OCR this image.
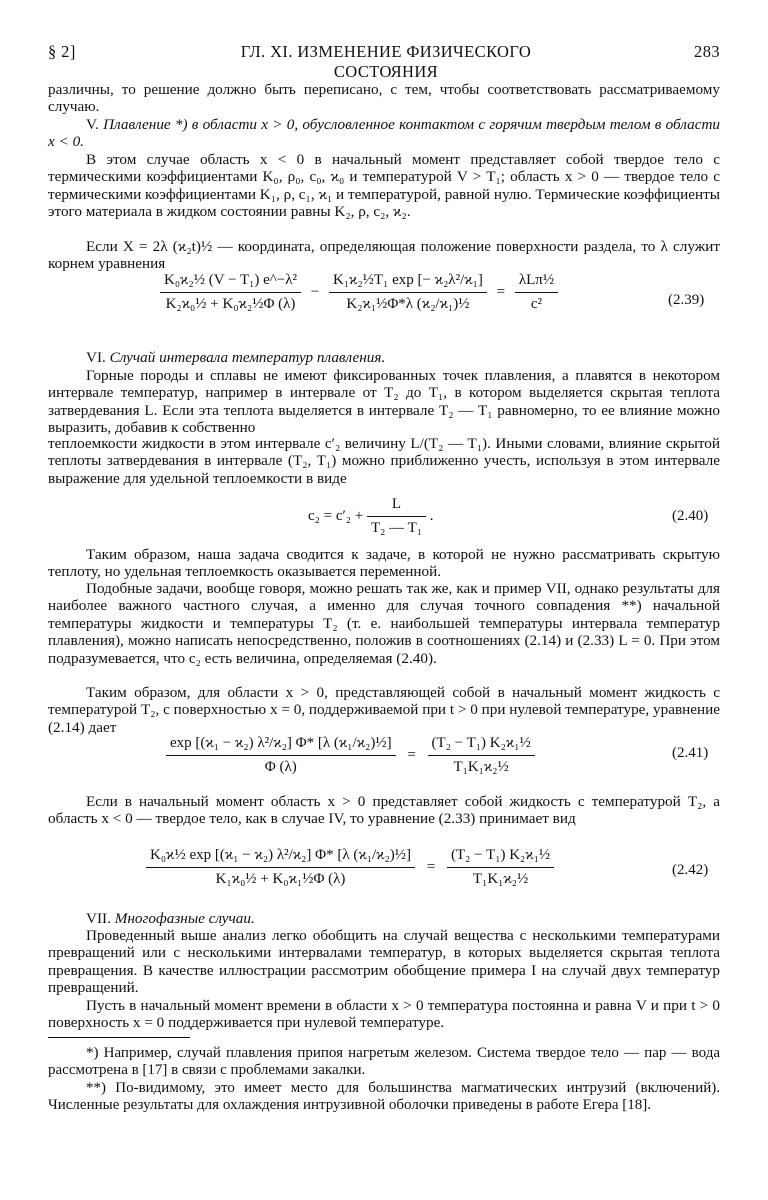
§ 2]	ГЛ. XI. ИЗМЕНЕНИЕ ФИЗИЧЕСКОГО СОСТОЯНИЯ
283

различны, то решение должно быть переписано, с тем, чтобы соответствовать рассматриваемому случаю.

V. Плавление *) в области x > 0, обусловленное контактом с горячим твердым телом в области x < 0.

В этом случае область x < 0 в начальный момент представляет собой твердое тело с термическими коэффициентами K₀, ρ₀, c₀, ϰ₀ и температурой V > T₁; область x > 0 — твердое тело с термическими коэффициентами K₁, ρ, c₁, ϰ₁ и температурой, равной нулю. Термические коэффициенты этого материала в жидком состоянии равны K₂, ρ, c₂, ϰ₂.

Если X = 2λ (ϰ₂t)½ — координата, определяющая положение поверхности раздела, то λ служит корнем уравнения

$\frac{\text{K₀ϰ₂½ (V − T₁) e\textasciicircum{}−λ²}}{\text{K₂ϰ₀½ + K₀ϰ₂½Φ (λ)}} - \frac{\text{K₁ϰ₂½T₁ exp [− ϰ₂λ²/ϰ₁]}}{\text{K₂ϰ₁½Φ*λ (ϰ₂/ϰ₁)½}} = \frac{\text{λLπ½}}{\text{c²}}$	(2.39)

VI. Случай интервала температур плавления.

Горные породы и сплавы не имеют фиксированных точек плавления, а плавятся в некотором интервале температур, например в интервале от T₂ до T₁, в котором выделяется скрытая теплота затвердевания L. Если эта теплота выделяется в интервале T₂ — T₁ равномерно, то ее влияние можно выразить, добавив к собственно

теплоемкости жидкости в этом интервале c′₂ величину L/(T₂ — T₁). Иными словами, влияние скрытой теплоты затвердевания в интервале (T₂, T₁) можно приближенно учесть, используя в этом интервале выражение для удельной теплоемкости в виде

$c_2 = c'_2 + \frac{L}{\text{T₂ — T₁}}$ .	(2.40)

Таким образом, наша задача сводится к задаче, в которой не нужно рассматривать скрытую теплоту, но удельная теплоемкость оказывается переменной.

Подобные задачи, вообще говоря, можно решать так же, как и пример VII, однако результаты для наиболее важного частного случая, а именно для случая точного совпадения **) начальной температуры жидкости и температуры T₂ (т. е. наибольшей температуры интервала температур плавления), можно написать непосредственно, положив в соотношениях (2.14) и (2.33) L = 0. При этом подразумевается, что c₂ есть величина, определяемая (2.40).

Таким образом, для области x > 0, представляющей собой в начальный момент жидкость с температурой T₂, с поверхностью x = 0, поддерживаемой при t > 0 при нулевой температуре, уравнение (2.14) дает

$\frac{\text{exp [(ϰ₁ − ϰ₂) λ²/ϰ₂] Φ* [λ (ϰ₁/ϰ₂)½]}}{\Phi (\lambda)} = \frac{\text{(T₂ − T₁) K₂ϰ₁½}}{\text{T₁K₁ϰ₂½}}$	(2.41)

Если в начальный момент область x > 0 представляет собой жидкость с температурой T₂, а область x < 0 — твердое тело, как в случае IV, то уравнение (2.33) принимает вид

$\frac{\text{K₀ϰ½ exp [(ϰ₁ − ϰ₂) λ²/ϰ₂] Φ* [λ (ϰ₁/ϰ₂)½]}}{\text{K₁ϰ₀½ + K₀ϰ₁½Φ (λ)}} = \frac{\text{(T₂ − T₁) K₂ϰ₁½}}{\text{T₁K₁ϰ₂½}}$	(2.42)

VII. Многофазные случаи.

Проведенный выше анализ легко обобщить на случай вещества с несколькими температурами превращений или с несколькими интервалами температур, в которых выделяется скрытая теплота превращения. В качестве иллюстрации рассмотрим обобщение примера I на случай двух температур превращений.

Пусть в начальный момент времени в области x > 0 температура постоянна и равна V и при t > 0 поверхность x = 0 поддерживается при нулевой температуре.

*) Например, случай плавления припоя нагретым железом. Система твердое тело — пар — вода рассмотрена в [17] в связи с проблемами закалки.

**) По-видимому, это имеет место для большинства магматических интрузий (включений). Численные результаты для охлаждения интрузивной оболочки приведены в работе Егера [18].
